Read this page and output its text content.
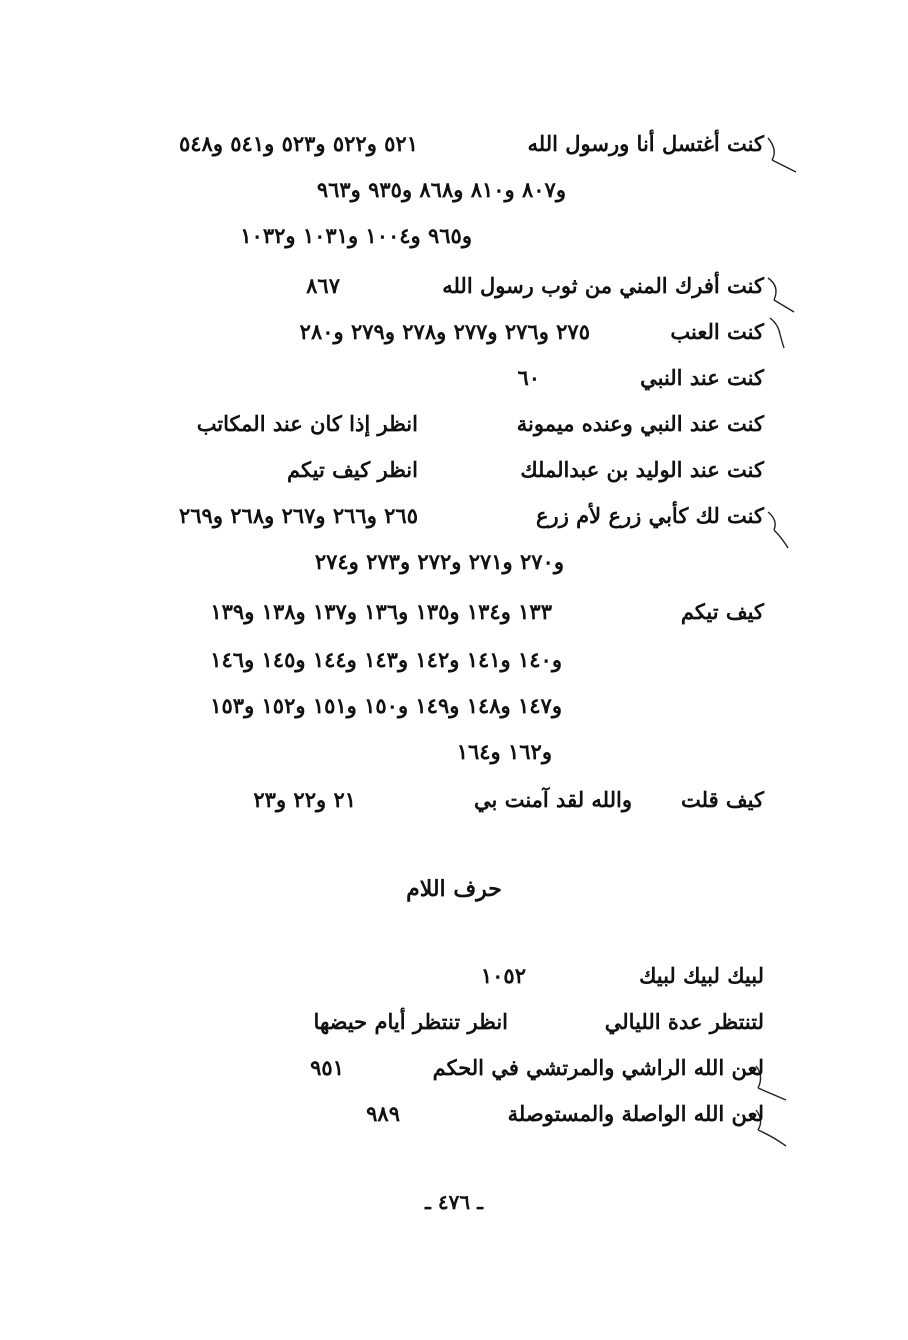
كنت أغتسل أنا ورسول الله
٥٢١ و٥٢٢ و٥٢٣ و٥٤١ و٥٤٨
و٨٠٧ و٨١٠ و٨٦٨ و٩٣٥ و٩٦٣
و٩٦٥ و١٠٠٤ و١٠٣١ و١٠٣٢
كنت أفرك المني من ثوب رسول الله
٨٦٧
كنت العنب
٢٧٥ و٢٧٦ و٢٧٧ و٢٧٨ و٢٧٩ و٢٨٠
كنت عند النبي
٦٠
كنت عند النبي وعنده ميمونة
انظر إذا كان عند المكاتب
كنت عند الوليد بن عبدالملك
انظر كيف تيكم
كنت لك كأبي زرع لأم زرع
٢٦٥ و٢٦٦ و٢٦٧ و٢٦٨ و٢٦٩
و٢٧٠ و٢٧١ و٢٧٢ و٢٧٣ و٢٧٤
كيف تيكم
١٣٣ و١٣٤ و١٣٥ و١٣٦ و١٣٧ و١٣٨ و١٣٩
و١٤٠ و١٤١ و١٤٢ و١٤٣ و١٤٤ و١٤٥ و١٤٦
و١٤٧ و١٤٨ و١٤٩ و١٥٠ و١٥١ و١٥٢ و١٥٣
و١٦٢ و١٦٤
كيف قلت
والله لقد آمنت بي
٢١ و٢٢ و٢٣
حرف اللام
لبيك لبيك لبيك
١٠٥٢
لتنتظر عدة الليالي
انظر تنتظر أيام حيضها
لعن الله الراشي والمرتشي في الحكم
٩٥١
لعن الله الواصلة والمستوصلة
٩٨٩
ـ ٤٧٦ ـ
